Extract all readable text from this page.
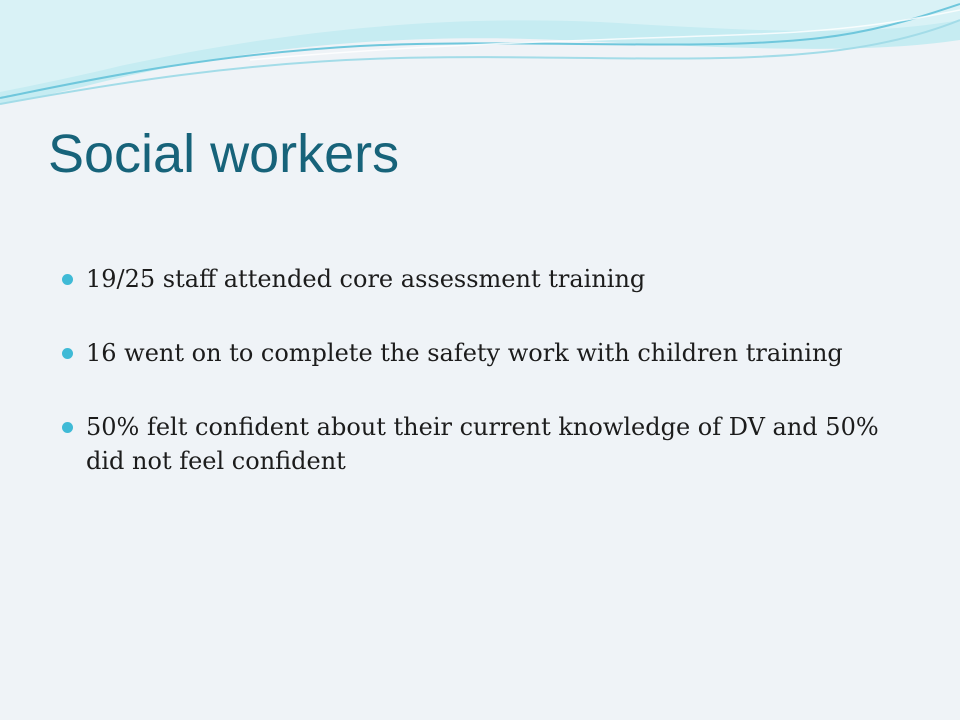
Social workers
19/25 staff attended core assessment training
16 went on to complete the safety work with children training
50% felt confident about their current knowledge of DV and 50% did not feel confident
